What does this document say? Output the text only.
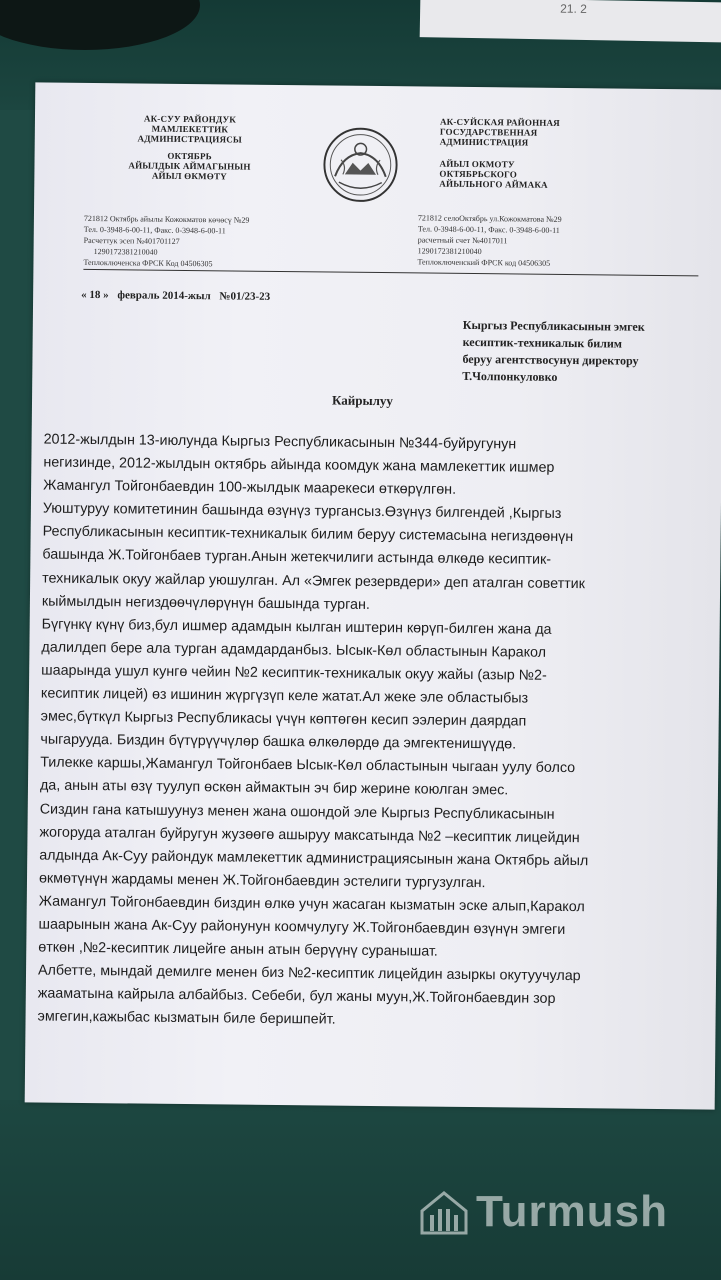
21. 2
АК-СУУ РАЙОНДУК
МАМЛЕКЕТТИК
АДМИНИСТРАЦИЯСЫ
ОКТЯБРЬ
АЙЫЛДЫК АЙМАГЫНЫН
АЙЫЛ ӨКМӨТҮ
АК-СУЙСКАЯ РАЙОННАЯ
ГОСУДАРСТВЕННАЯ
АДМИНИСТРАЦИЯ
АЙЫЛ ОКМОТУ
ОКТЯБРЬСКОГО
АЙЫЛЬНОГО АЙМАКА
721812 Октябрь айылы Кожокматов көчөсү №29
Тел. 0-3948-6-00-11, Факс. 0-3948-6-00-11
Расчеттук эсеп №401701127
1290172381210040
Теплоключенска ФРСК Код 04506305
721812 селоОктябрь ул.Кожокматова №29
Тел. 0-3948-6-00-11, Факс. 0-3948-6-00-11
расчетный счет №4017011
1290172381210040
Теплоключенский ФРСК код 04506305
« 18 » февраль 2014-жыл №01/23-23
Кыргыз Республикасынын эмгек
кесиптик-техникалык билим
беруу агентствосунун директору
Т.Чолпонкуловко
Кайрылуу
2012-жылдын 13-июлунда Кыргыз Республикасынын №344-буйругунун
негизинде, 2012-жылдын октябрь айында коомдук жана мамлекеттик ишмер
Жамангул Тойгонбаевдин 100-жылдык маарекеси өткөрүлгөн.
Уюштуруу комитетинин башында өзүнүз тургансыз.Өзүнүз билгендей ,Кыргыз
Республикасынын кесиптик-техникалык билим беруу системасына негиздөөнүн
башында Ж.Тойгонбаев турган.Анын жетекчилиги астында өлкөдө кесиптик-
техникалык окуу жайлар уюшулган. Ал «Эмгек резервдери» деп аталган советтик
кыймылдын негиздөөчүлөрүнүн башында турган.
Бүгүнкү күнү биз,бул ишмер адамдын кылган иштерин көрүп-билген жана да
далилдеп бере ала турган адамдарданбыз. Ысык-Көл областынын Каракол
шаарында ушул кунгө чейин №2 кесиптик-техникалык окуу жайы (азыр №2-
кесиптик лицей) өз ишинин жүргүзүп келе жатат.Ал жеке эле областыбыз
эмес,бүткүл Кыргыз Республикасы үчүн көптөгөн кесип ээлерин даярдап
чыгарууда. Биздин бүтүрүүчүлөр башка өлкөлөрдө да эмгектенишүүдө.
Тилекке каршы,Жамангул Тойгонбаев Ысык-Көл областынын чыгаан уулу болсо
да, анын аты өзү туулуп өскөн аймактын эч бир жерине коюлган эмес.
Сиздин гана катышуунуз менен жана ошондой эле Кыргыз Республикасынын
жогоруда аталган буйругун жузөөгө ашыруу максатында №2 –кесиптик лицейдин
алдында Ак-Суу райондук мамлекеттик администрациясынын жана Октябрь айыл
өкмөтүнүн жардамы менен Ж.Тойгонбаевдин эстелиги тургузулган.
Жамангул Тойгонбаевдин биздин өлкө учун жасаган кызматын эске алып,Каракол
шаарынын жана Ак-Суу районунун коомчулугу Ж.Тойгонбаевдин өзүнүн эмгеги
өткөн ,№2-кесиптик лицейге анын атын берүүнү суранышат.
Албетте, мындай демилге менен биз №2-кесиптик лицейдин азыркы окутуучулар
жааматына кайрыла албайбыз. Себеби, бул жаны муун,Ж.Тойгонбаевдин зор
эмгегин,кажыбас кызматын биле беришпейт.
Turmush
